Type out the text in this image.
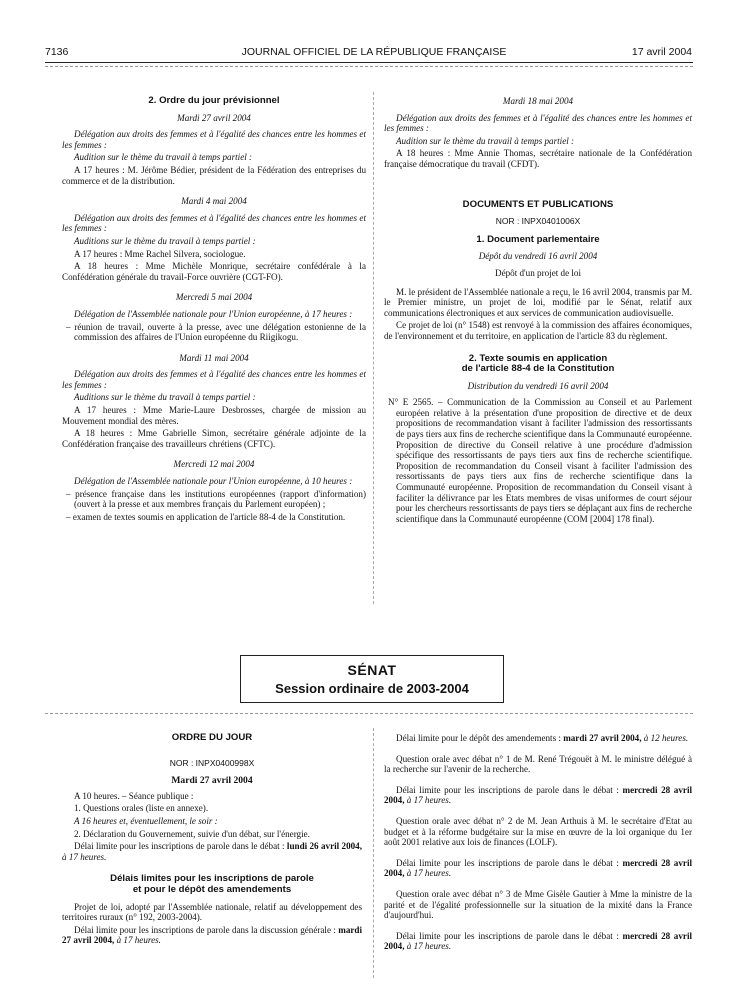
7136	JOURNAL OFFICIEL DE LA RÉPUBLIQUE FRANÇAISE	17 avril 2004
2. Ordre du jour prévisionnel
Mardi 27 avril 2004

Délégation aux droits des femmes et à l'égalité des chances entre les hommes et les femmes :

Audition sur le thème du travail à temps partiel :

A 17 heures : M. Jérôme Bédier, président de la Fédération des entreprises du commerce et de la distribution.

Mardi 4 mai 2004

Délégation aux droits des femmes et à l'égalité des chances entre les hommes et les femmes :

Auditions sur le thème du travail à temps partiel :

A 17 heures : Mme Rachel Silvera, sociologue.

A 18 heures : Mme Michèle Monrique, secrétaire confédérale à la Confédération générale du travail-Force ouvrière (CGT-FO).

Mercredi 5 mai 2004

Délégation de l'Assemblée nationale pour l'Union européenne, à 17 heures :

– réunion de travail, ouverte à la presse, avec une délégation estonienne de la commission des affaires de l'Union européenne du Riigikogu.

Mardi 11 mai 2004

Délégation aux droits des femmes et à l'égalité des chances entre les hommes et les femmes :

Auditions sur le thème du travail à temps partiel :

A 17 heures : Mme Marie-Laure Desbrosses, chargée de mission au Mouvement mondial des mères.

A 18 heures : Mme Gabrielle Simon, secrétaire générale adjointe de la Confédération française des travailleurs chrétiens (CFTC).

Mercredi 12 mai 2004

Délégation de l'Assemblée nationale pour l'Union européenne, à 10 heures :

– présence française dans les institutions européennes (rapport d'information) (ouvert à la presse et aux membres français du Parlement européen) ;

– examen de textes soumis en application de l'article 88-4 de la Constitution.

Mardi 18 mai 2004

Délégation aux droits des femmes et à l'égalité des chances entre les hommes et les femmes :

Audition sur le thème du travail à temps partiel :

A 18 heures : Mme Annie Thomas, secrétaire nationale de la Confédération française démocratique du travail (CFDT).

DOCUMENTS ET PUBLICATIONS
NOR : INPX0401006X
1. Document parlementaire
Dépôt du vendredi 16 avril 2004

Dépôt d'un projet de loi

M. le président de l'Assemblée nationale a reçu, le 16 avril 2004, transmis par M. le Premier ministre, un projet de loi, modifié par le Sénat, relatif aux communications électroniques et aux services de communication audiovisuelle.

Ce projet de loi (n° 1548) est renvoyé à la commission des affaires économiques, de l'environnement et du territoire, en application de l'article 83 du règlement.

2. Texte soumis en application
de l'article 88-4 de la Constitution
Distribution du vendredi 16 avril 2004

N° E 2565. – Communication de la Commission au Conseil et au Parlement européen relative à la présentation d'une proposition de directive et de deux propositions de recommandation visant à faciliter l'admission des ressortissants de pays tiers aux fins de recherche scientifique dans la Communauté européenne. Proposition de directive du Conseil relative à une procédure d'admission spécifique des ressortissants de pays tiers aux fins de recherche scientifique. Proposition de recommandation du Conseil visant à faciliter l'admission des ressortissants de pays tiers aux fins de recherche scientifique dans la Communauté européenne. Proposition de recommandation du Conseil visant à faciliter la délivrance par les Etats membres de visas uniformes de court séjour pour les chercheurs ressortissants de pays tiers se déplaçant aux fins de recherche scientifique dans la Communauté européenne (COM [2004] 178 final).

SÉNAT
Session ordinaire de 2003-2004
ORDRE DU JOUR
NOR : INPX0400998X
Mardi 27 avril 2004

A 10 heures. – Séance publique :

1. Questions orales (liste en annexe).

A 16 heures et, éventuellement, le soir :

2. Déclaration du Gouvernement, suivie d'un débat, sur l'énergie.

Délai limite pour les inscriptions de parole dans le débat : lundi 26 avril 2004, à 17 heures.

Délais limites pour les inscriptions de parole
et pour le dépôt des amendements

Projet de loi, adopté par l'Assemblée nationale, relatif au développement des territoires ruraux (n° 192, 2003-2004).

Délai limite pour les inscriptions de parole dans la discussion générale : mardi 27 avril 2004, à 17 heures.

Délai limite pour le dépôt des amendements : mardi 27 avril 2004, à 12 heures.

Question orale avec débat n° 1 de M. René Trégouët à M. le ministre délégué à la recherche sur l'avenir de la recherche.

Délai limite pour les inscriptions de parole dans le débat : mercredi 28 avril 2004, à 17 heures.

Question orale avec débat n° 2 de M. Jean Arthuis à M. le secrétaire d'Etat au budget et à la réforme budgétaire sur la mise en œuvre de la loi organique du 1er août 2001 relative aux lois de finances (LOLF).

Délai limite pour les inscriptions de parole dans le débat : mercredi 28 avril 2004, à 17 heures.

Question orale avec débat n° 3 de Mme Gisèle Gautier à Mme la ministre de la parité et de l'égalité professionnelle sur la situation de la mixité dans la France d'aujourd'hui.

Délai limite pour les inscriptions de parole dans le débat : mercredi 28 avril 2004, à 17 heures.
